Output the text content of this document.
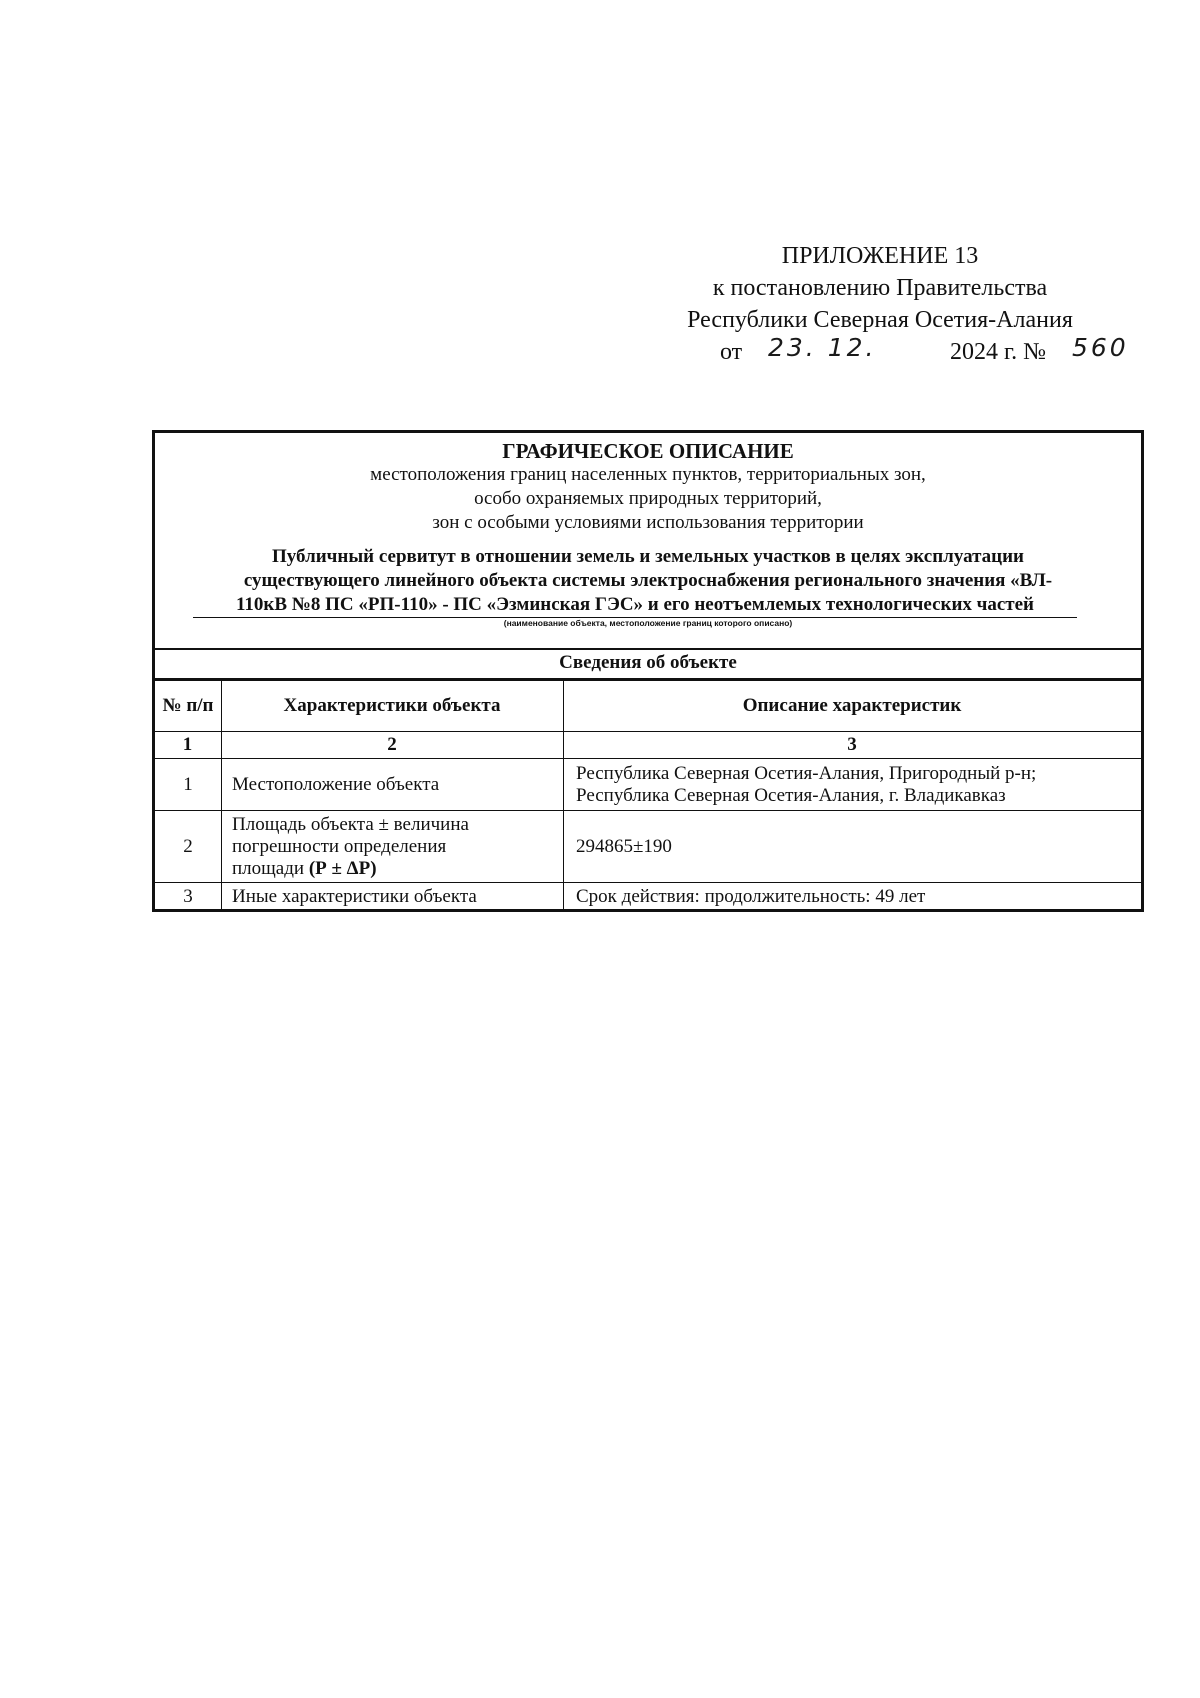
ПРИЛОЖЕНИЕ 13
к постановлению Правительства
Республики Северная Осетия-Алания
от 23. 12.	2024 г. № 560
ГРАФИЧЕСКОЕ ОПИСАНИЕ
местоположения границ населенных пунктов, территориальных зон,
особо охраняемых природных территорий,
зон с особыми условиями использования территории
Публичный сервитут в отношении земель и земельных участков в целях эксплуатации
существующего линейного объекта системы электроснабжения регионального значения «ВЛ-
110кВ №8 ПС «РП-110» - ПС «Эзминская ГЭС» и его неотъемлемых технологических частей
(наименование объекта, местоположение границ которого описано)
Сведения об объекте
№ п/п	Характеристики объекта	Описание характеристик
1	2	3
1	Местоположение объекта	Республика Северная Осетия-Алания, Пригородный р-н;
Республика Северная Осетия-Алания, г. Владикавказ

2	Площадь объекта ± величина
погрешности определения
площади (Р ± ΔР)	294865±190
3	Иные характеристики объекта	Срок действия: продолжительность: 49 лет
